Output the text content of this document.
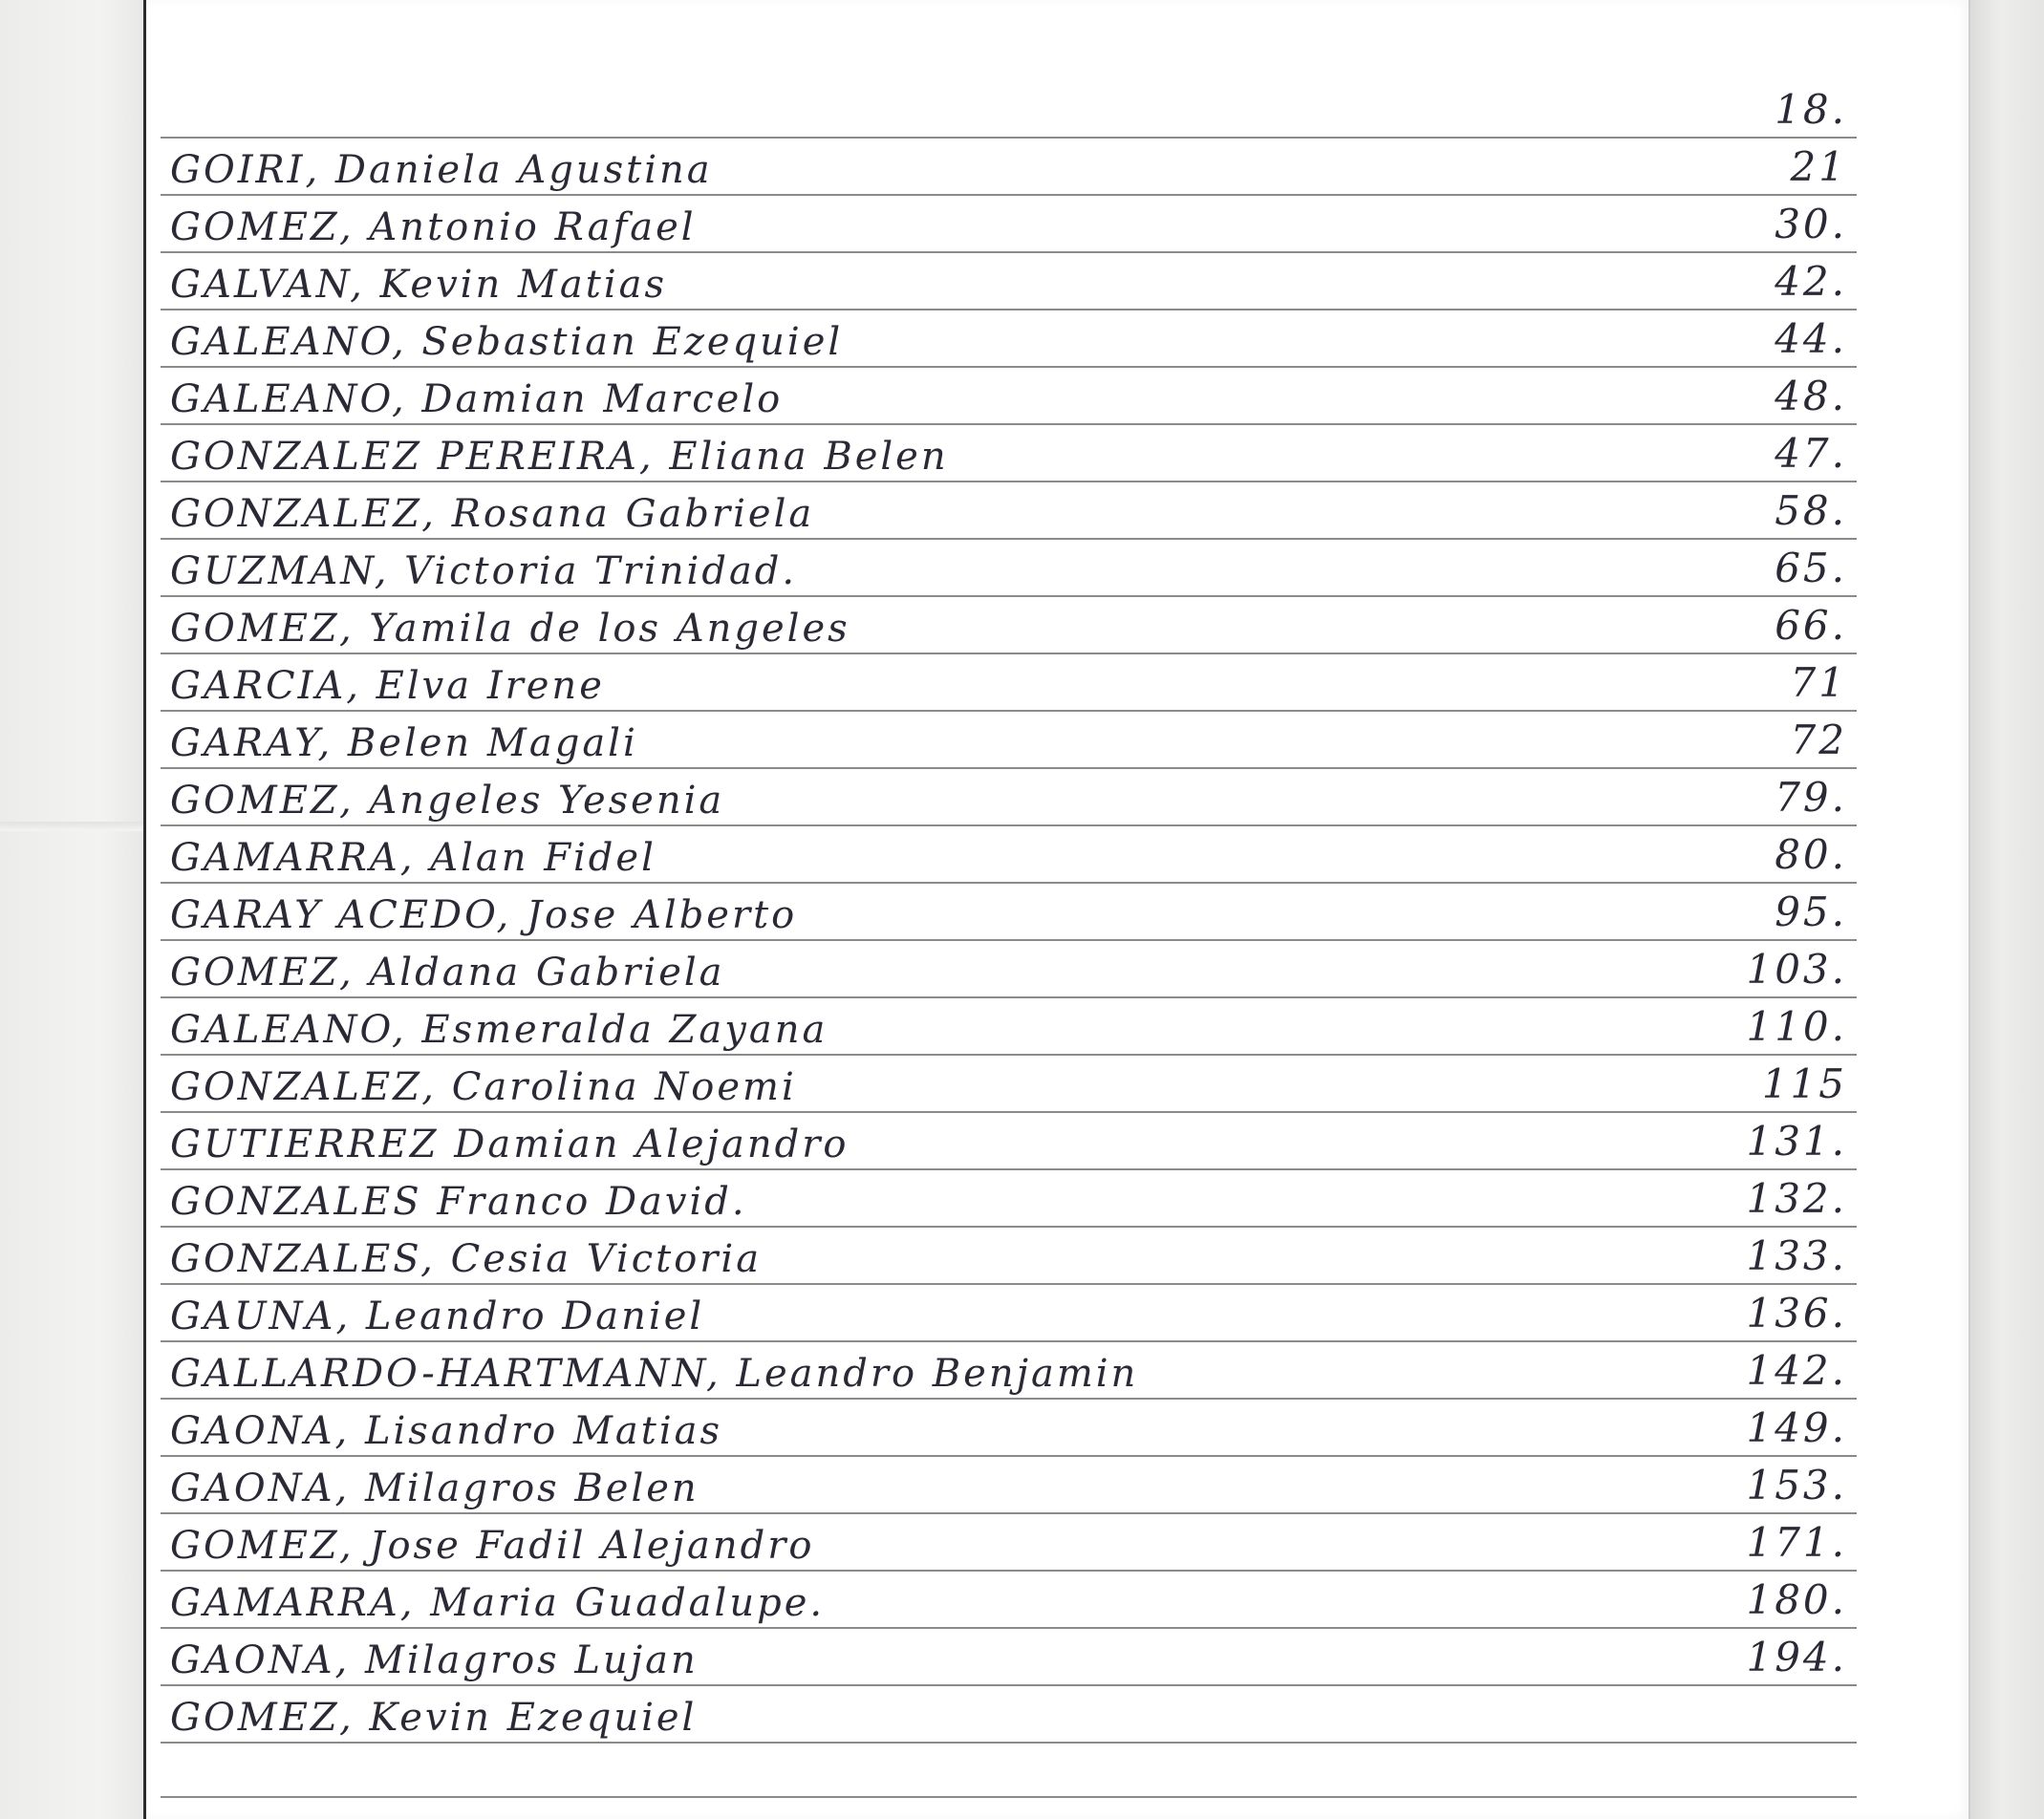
18.
GOIRI, Daniela Agustina	21
GOMEZ, Antonio Rafael	30.
GALVAN, Kevin Matias	42.
GALEANO, Sebastian Ezequiel	44.
GALEANO, Damian Marcelo	48.
GONZALEZ PEREIRA, Eliana Belen	47.
GONZALEZ, Rosana Gabriela	58.
GUZMAN, Victoria Trinidad.	65.
GOMEZ, Yamila de los Angeles	66.
GARCIA, Elva Irene	71
GARAY, Belen Magali	72
GOMEZ, Angeles Yesenia	79.
GAMARRA, Alan Fidel	80.
GARAY ACEDO, Jose Alberto	95.
GOMEZ, Aldana Gabriela	103.
GALEANO, Esmeralda Zayana	110.
GONZALEZ, Carolina Noemi	115
GUTIERREZ Damian Alejandro	131.
GONZALES Franco David.	132.
GONZALES, Cesia Victoria	133.
GAUNA, Leandro Daniel	136.
GALLARDO-HARTMANN, Leandro Benjamin	142.
GAONA, Lisandro Matias	149.
GAONA, Milagros Belen	153.
GOMEZ, Jose Fadil Alejandro	171.
GAMARRA, Maria Guadalupe.	180.
GAONA, Milagros Lujan	194.
GOMEZ, Kevin Ezequiel
